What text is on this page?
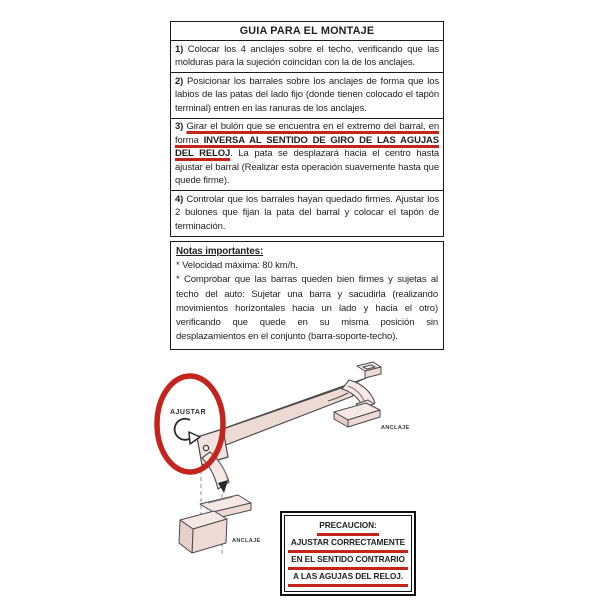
GUIA PARA EL MONTAJE
1) Colocar los 4 anclajes sobre el techo, verificando que las molduras para la sujeción coincidan con la de los anclajes.
2) Posicionar los barrales sobre los anclajes de forma que los labios de las patas del lado fijo (donde tienen colocado el tapón terminal) entren en las ranuras de los anclajes.
3) Girar el bulón que se encuentra en el extremo del barral, en forma INVERSA AL SENTIDO DE GIRO DE LAS AGUJAS DEL RELOJ. La pata se desplazará hacia el centro hasta ajustar el barral (Realizar esta operación suavemente hasta que quede firme).
4) Controlar que los barrales hayan quedado firmes. Ajustar los 2 bulones que fijan la pata del barral y colocar el tapón de terminación.
Notas importantes:

* Velocidad máxima: 80 km/h.

* Comprobar que las barras queden bien firmes y sujetas al techo del auto: Sujetar una barra y sacudirla (realizando movimientos horizontales hacia un lado y hacia el otro) verificando que quede en su misma posición sin desplazamientos en el conjunto (barra-soporte-techo).

ANCLAJE
ANCLAJE
AJUSTAR
PRECAUCION:
AJUSTAR CORRECTAMENTE
EN EL SENTIDO CONTRARIO
A LAS AGUJAS DEL RELOJ.
